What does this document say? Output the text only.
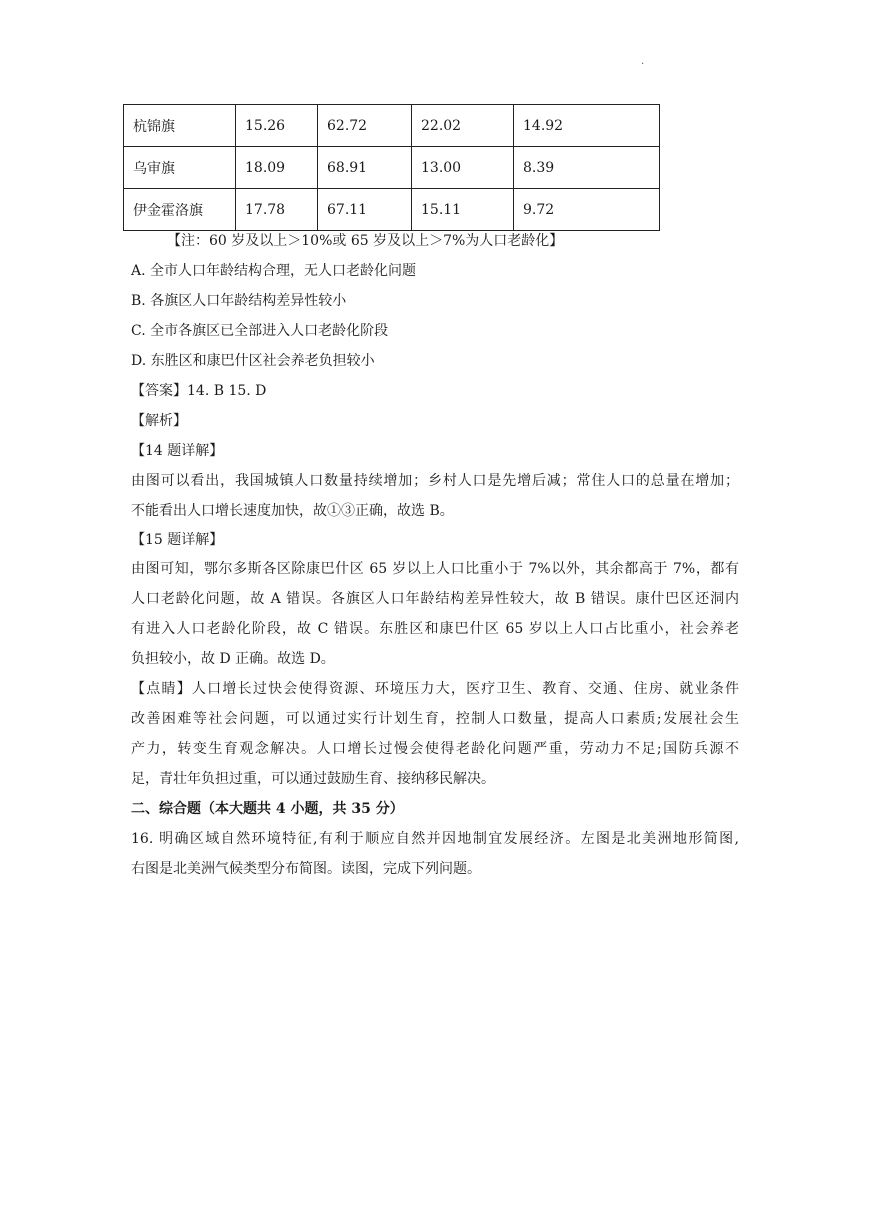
.
杭锦旗	15.26	62.72	22.02	14.92
乌审旗	18.09	68.91	13.00	8.39
伊金霍洛旗	17.78	67.11	15.11	9.72
【注：60 岁及以上＞10%或 65 岁及以上＞7%为人口老龄化】
A. 全市人口年龄结构合理，无人口老龄化问题
B. 各旗区人口年龄结构差异性较小
C. 全市各旗区已全部进入人口老龄化阶段
D. 东胜区和康巴什区社会养老负担较小
【答案】14. B 15. D
【解析】
【14 题详解】
由图可以看出，我国城镇人口数量持续增加；乡村人口是先增后减；常住人口的总量在增加；
不能看出人口增长速度加快，故①③正确，故选 B。
【15 题详解】
由图可知，鄂尔多斯各区除康巴什区 65 岁以上人口比重小于 7%以外，其余都高于 7%，都有
人口老龄化问题，故 A 错误。各旗区人口年龄结构差异性较大，故 B 错误。康什巴区还洞内
有进入人口老龄化阶段，故 C 错误。东胜区和康巴什区 65 岁以上人口占比重小，社会养老
负担较小，故 D 正确。故选 D。
【点睛】人口增长过快会使得资源、环境压力大，医疗卫生、教育、交通、住房、就业条件
改善困难等社会问题，可以通过实行计划生育，控制人口数量，提高人口素质;发展社会生
产力，转变生育观念解决。人口增长过慢会使得老龄化问题严重，劳动力不足;国防兵源不
足，青壮年负担过重，可以通过鼓励生育、接纳移民解决。
二、综合题（本大题共 4 小题，共 35 分）
16. 明确区域自然环境特征,有利于顺应自然并因地制宜发展经济。左图是北美洲地形简图,
右图是北美洲气候类型分布简图。读图，完成下列问题。
